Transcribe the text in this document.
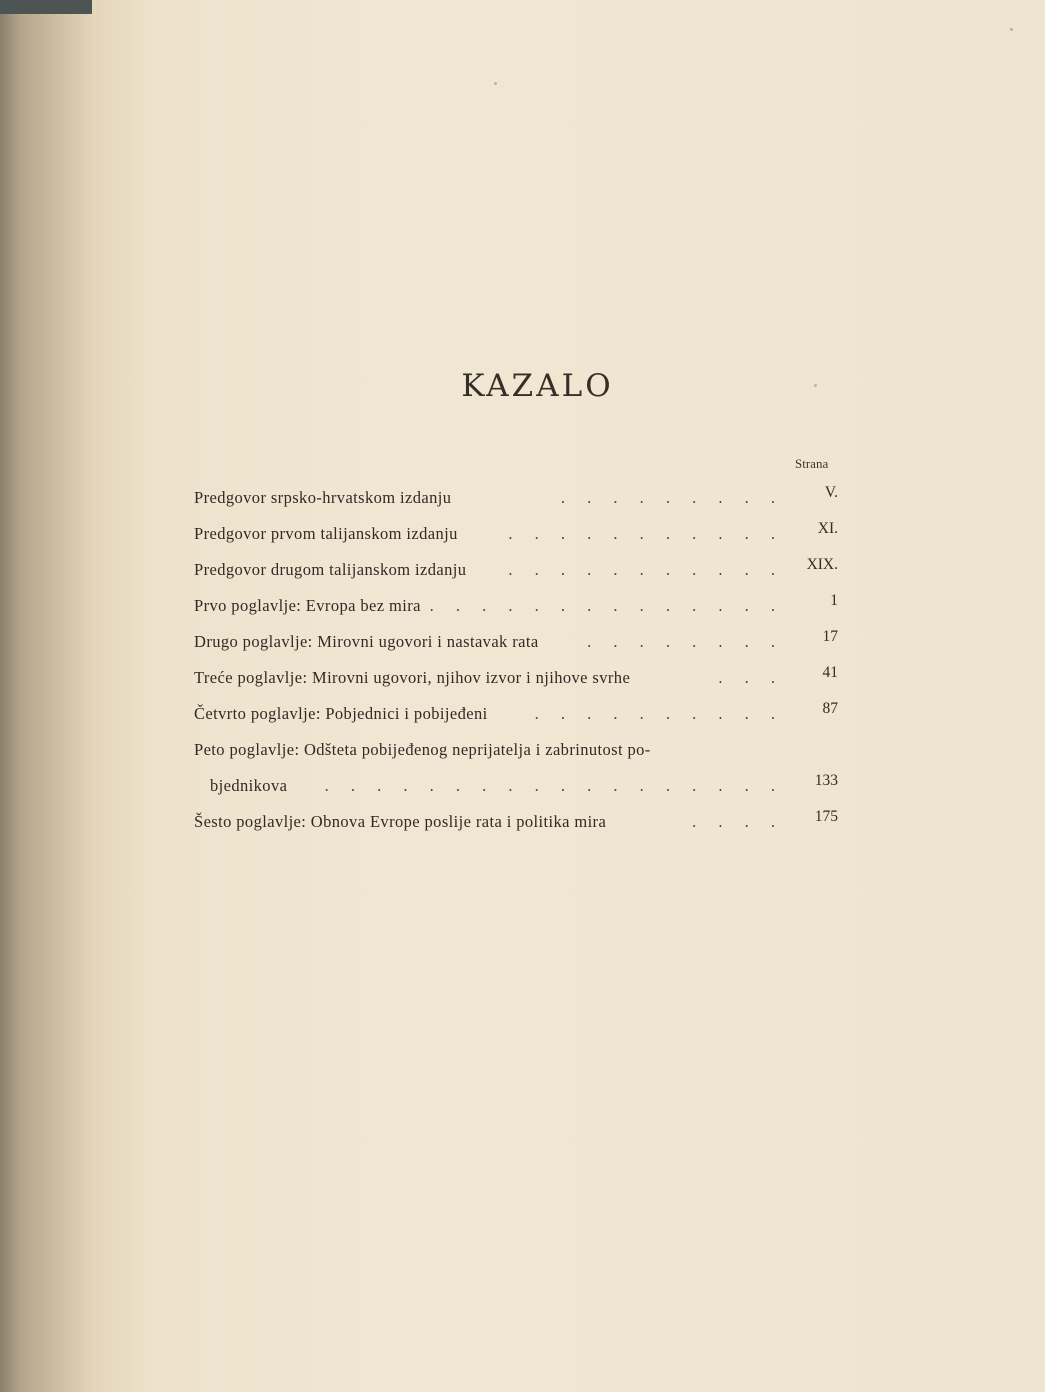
KAZALO
Strana
Predgovor srpsko-hrvatskom izdanju	. . . . . . . . .	V.
Predgovor prvom talijanskom izdanju	. . . . . . . . . . . XI.
Predgovor drugom talijanskom izdanju	. . . . . . . . . . . XIX.
Prvo poglavlje: Evropa bez mira . . . . . . . . . . . . . .	1
Drugo poglavlje: Mirovni ugovori i nastavak rata	. . . . . . . . 17
Treće poglavlje: Mirovni ugovori, njihov izvor i njihove svrhe	. . . 41
Četvrto poglavlje: Pobjednici i pobijeđeni	. . . . . . . . . . 87
Peto poglavlje: Odšteta pobijeđenog neprijatelja i zabrinutost po-
bjednikova . . . . . . . . . . . . . . . . . . 133
Šesto poglavlje: Obnova Evrope poslije rata i politika mira	. . . . 175
